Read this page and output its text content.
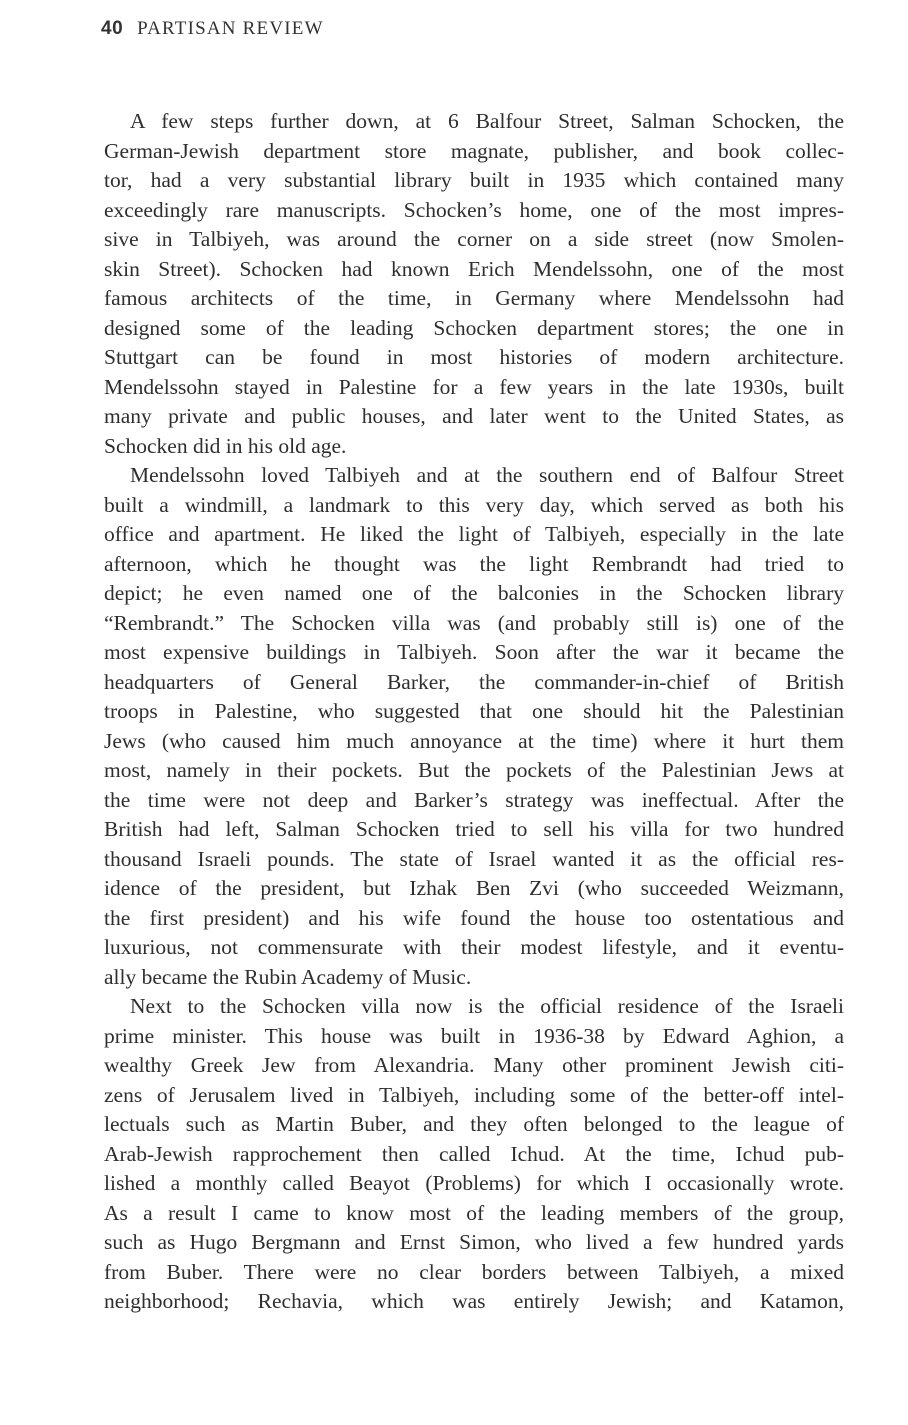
40 PARTISAN REVIEW
A few steps further down, at 6 Balfour Street, Salman Schocken, the
German-Jewish department store magnate, publisher, and book collec-
tor, had a very substantial library built in 1935 which contained many
exceedingly rare manuscripts. Schocken’s home, one of the most impres-
sive in Talbiyeh, was around the corner on a side street (now Smolen-
skin Street). Schocken had known Erich Mendelssohn, one of the most
famous architects of the time, in Germany where Mendelssohn had
designed some of the leading Schocken department stores; the one in
Stuttgart can be found in most histories of modern architecture.
Mendelssohn stayed in Palestine for a few years in the late 1930s, built
many private and public houses, and later went to the United States, as
Schocken did in his old age.
Mendelssohn loved Talbiyeh and at the southern end of Balfour Street
built a windmill, a landmark to this very day, which served as both his
office and apartment. He liked the light of Talbiyeh, especially in the late
afternoon, which he thought was the light Rembrandt had tried to
depict; he even named one of the balconies in the Schocken library
“Rembrandt.” The Schocken villa was (and probably still is) one of the
most expensive buildings in Talbiyeh. Soon after the war it became the
headquarters of General Barker, the commander-in-chief of British
troops in Palestine, who suggested that one should hit the Palestinian
Jews (who caused him much annoyance at the time) where it hurt them
most, namely in their pockets. But the pockets of the Palestinian Jews at
the time were not deep and Barker’s strategy was ineffectual. After the
British had left, Salman Schocken tried to sell his villa for two hundred
thousand Israeli pounds. The state of Israel wanted it as the official res-
idence of the president, but Izhak Ben Zvi (who succeeded Weizmann,
the first president) and his wife found the house too ostentatious and
luxurious, not commensurate with their modest lifestyle, and it eventu-
ally became the Rubin Academy of Music.
Next to the Schocken villa now is the official residence of the Israeli
prime minister. This house was built in 1936-38 by Edward Aghion, a
wealthy Greek Jew from Alexandria. Many other prominent Jewish citi-
zens of Jerusalem lived in Talbiyeh, including some of the better-off intel-
lectuals such as Martin Buber, and they often belonged to the league of
Arab-Jewish rapprochement then called Ichud. At the time, Ichud pub-
lished a monthly called Beayot (Problems) for which I occasionally wrote.
As a result I came to know most of the leading members of the group,
such as Hugo Bergmann and Ernst Simon, who lived a few hundred yards
from Buber. There were no clear borders between Talbiyeh, a mixed
neighborhood; Rechavia, which was entirely Jewish; and Katamon,
